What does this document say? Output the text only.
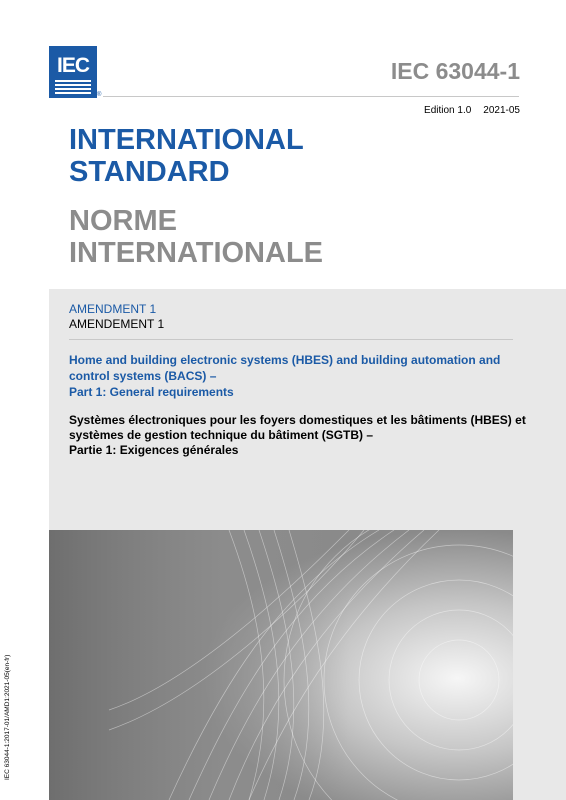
IEC
®
IEC 63044-1
Edition 1.0 2021-05
INTERNATIONAL
STANDARD
NORME
INTERNATIONALE
AMENDMENT 1
AMENDEMENT 1
Home and building electronic systems (HBES) and building automation and
control systems (BACS) –
Part 1: General requirements
Systèmes électroniques pour les foyers domestiques et les bâtiments (HBES) et
systèmes de gestion technique du bâtiment (SGTB) –
Partie 1: Exigences générales
IEC 63044-1:2017-01/AMD1:2021-05(en-fr)
